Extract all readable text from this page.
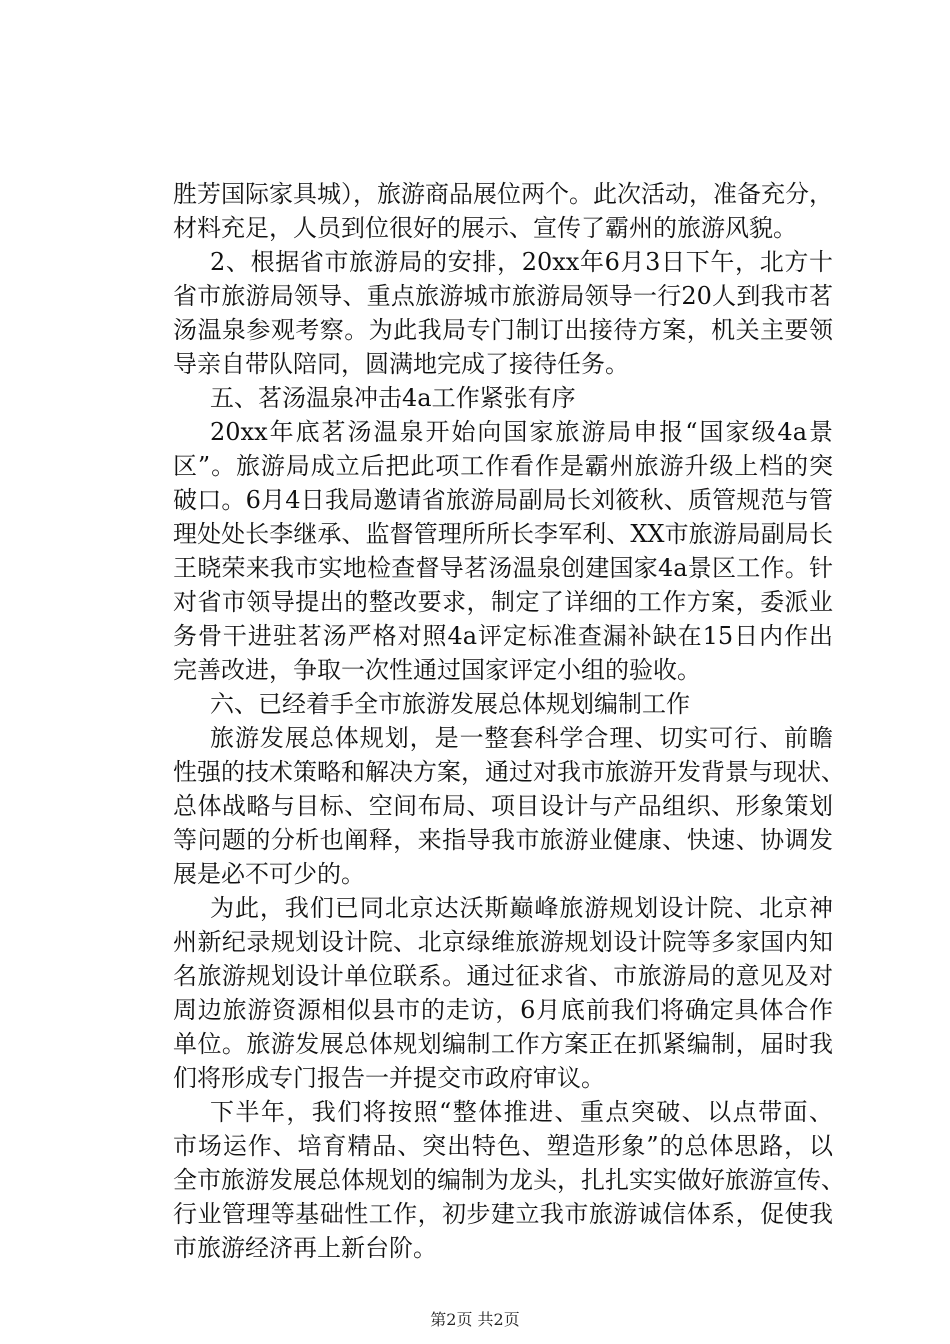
胜芳国际家具城），旅游商品展位两个。此次活动，准备充分，
材料充足，人员到位很好的展示、宣传了霸州的旅游风貌。
2、根据省市旅游局的安排，20xx年6月3日下午，北方十
省市旅游局领导、重点旅游城市旅游局领导一行20人到我市茗
汤温泉参观考察。为此我局专门制订出接待方案，机关主要领
导亲自带队陪同，圆满地完成了接待任务。
五、茗汤温泉冲击4a工作紧张有序
20xx年底茗汤温泉开始向国家旅游局申报“国家级4a景
区”。旅游局成立后把此项工作看作是霸州旅游升级上档的突
破口。6月4日我局邀请省旅游局副局长刘筱秋、质管规范与管
理处处长李继承、监督管理所所长李军利、XX市旅游局副局长
王晓荣来我市实地检查督导茗汤温泉创建国家4a景区工作。针
对省市领导提出的整改要求，制定了详细的工作方案，委派业
务骨干进驻茗汤严格对照4a评定标准查漏补缺在15日内作出
完善改进，争取一次性通过国家评定小组的验收。
六、已经着手全市旅游发展总体规划编制工作
旅游发展总体规划，是一整套科学合理、切实可行、前瞻
性强的技术策略和解决方案，通过对我市旅游开发背景与现状、
总体战略与目标、空间布局、项目设计与产品组织、形象策划
等问题的分析也阐释，来指导我市旅游业健康、快速、协调发
展是必不可少的。
为此，我们已同北京达沃斯巅峰旅游规划设计院、北京神
州新纪录规划设计院、北京绿维旅游规划设计院等多家国内知
名旅游规划设计单位联系。通过征求省、市旅游局的意见及对
周边旅游资源相似县市的走访，6月底前我们将确定具体合作
单位。旅游发展总体规划编制工作方案正在抓紧编制，届时我
们将形成专门报告一并提交市政府审议。
下半年，我们将按照“整体推进、重点突破、以点带面、
市场运作、培育精品、突出特色、塑造形象”的总体思路，以
全市旅游发展总体规划的编制为龙头，扎扎实实做好旅游宣传、
行业管理等基础性工作，初步建立我市旅游诚信体系，促使我
市旅游经济再上新台阶。
第2页 共2页
